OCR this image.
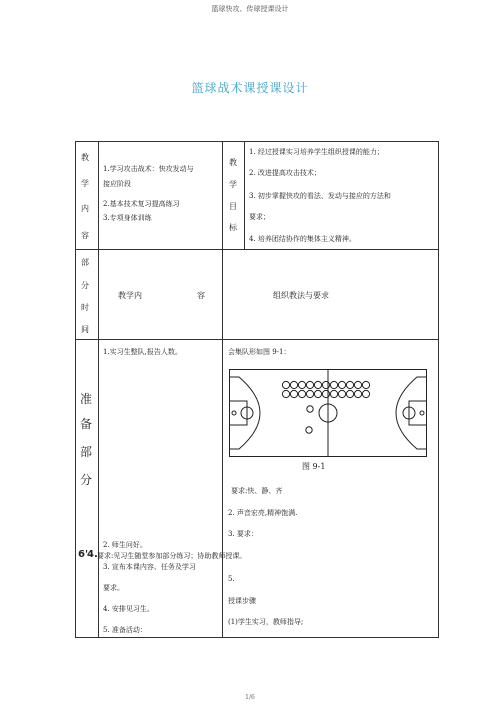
篮球快攻、传球授课设计
篮球战术课授课设计
教
学
内
容
1.学习攻击战术：快攻发动与
接应阶段
2.基本技术复习提高练习
3.专项身体训练
教
学
目
标
1. 经过授课实习培养学生组织授课的能力；
2. 改进提高攻击技术；
3. 初步掌握快攻的看法、发动与接应的方法和
要求；
4. 培养团结协作的集体主义精神。
部
分
时
间
教学内	容	组织教法与要求
准
备
部
分
6'
1.实习生整队,报告人数。
2. 师生问好。
4. 要求:见习生随堂参加部分练习；协助教师授课。
3. 宣布本课内容、任务及学习
要求。
4. 安排见习生。
5. 准备活动：
会集队形如图 9-1：
图 9-1
要求:快、静、齐
2. 声音宏亮,精神饱满.
3. 要求：
5.
授课步骤
(1)学生实习，教师指导;
1/6
